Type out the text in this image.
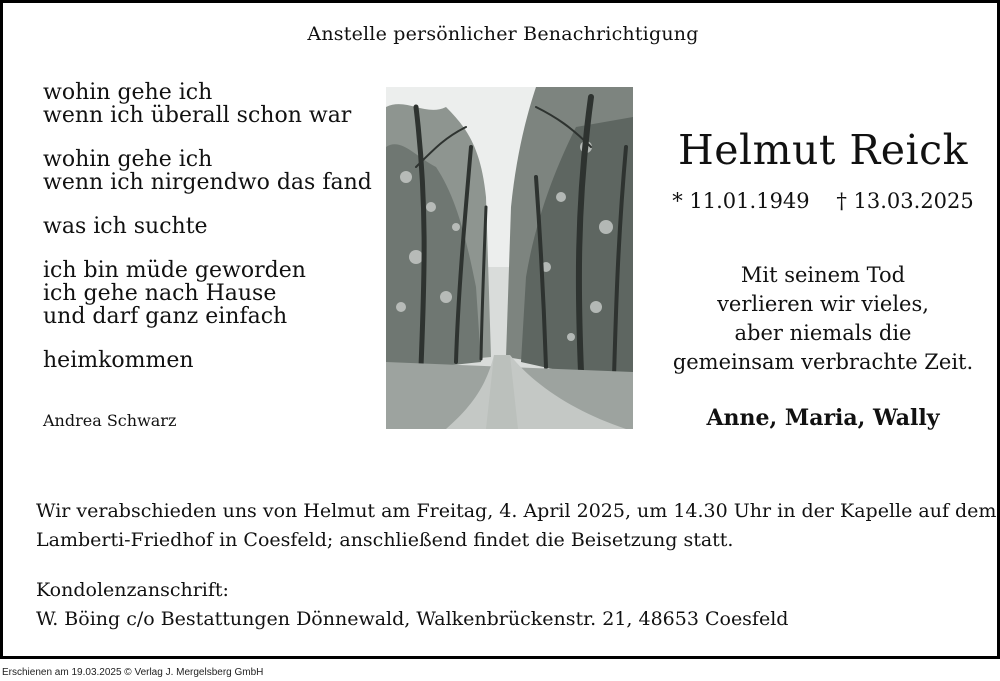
Anstelle persönlicher Benachrichtigung
wohin gehe ich
wenn ich überall schon war
wohin gehe ich
wenn ich nirgendwo das fand
was ich suchte
ich bin müde geworden
ich gehe nach Hause
und darf ganz einfach
heimkommen
Andrea Schwarz
Helmut Reick
* 11.01.1949 † 13.03.2025
Mit seinem Tod
verlieren wir vieles,
aber niemals die
gemeinsam verbrachte Zeit.
Anne, Maria, Wally
Wir verabschieden uns von Helmut am Freitag, 4. April 2025, um 14.30 Uhr in der Kapelle auf dem
Lamberti-Friedhof in Coesfeld; anschließend findet die Beisetzung statt.
Kondolenzanschrift:
W. Böing c/o Bestattungen Dönnewald, Walkenbrückenstr. 21, 48653 Coesfeld
Erschienen am 19.03.2025 © Verlag J. Mergelsberg GmbH
